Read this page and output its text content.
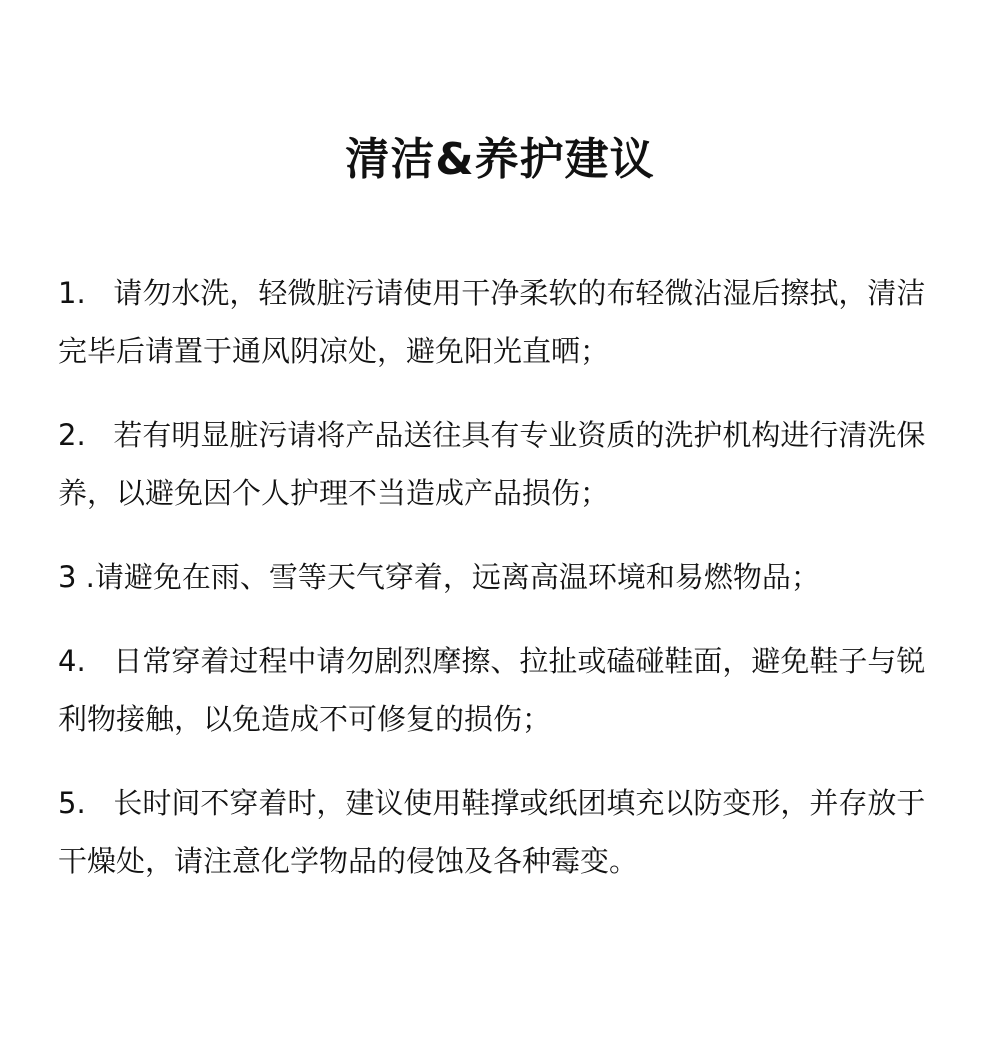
清洁&养护建议

1.   请勿水洗，轻微脏污请使用干净柔软的布轻微沾湿后擦拭，清洁完毕后请置于通风阴凉处，避免阳光直晒；

2.   若有明显脏污请将产品送往具有专业资质的洗护机构进行清洗保养，以避免因个人护理不当造成产品损伤；

3 .请避免在雨、雪等天气穿着，远离高温环境和易燃物品；

4.   日常穿着过程中请勿剧烈摩擦、拉扯或磕碰鞋面，避免鞋子与锐利物接触，以免造成不可修复的损伤；

5.   长时间不穿着时，建议使用鞋撑或纸团填充以防变形，并存放于干燥处，请注意化学物品的侵蚀及各种霉变。
